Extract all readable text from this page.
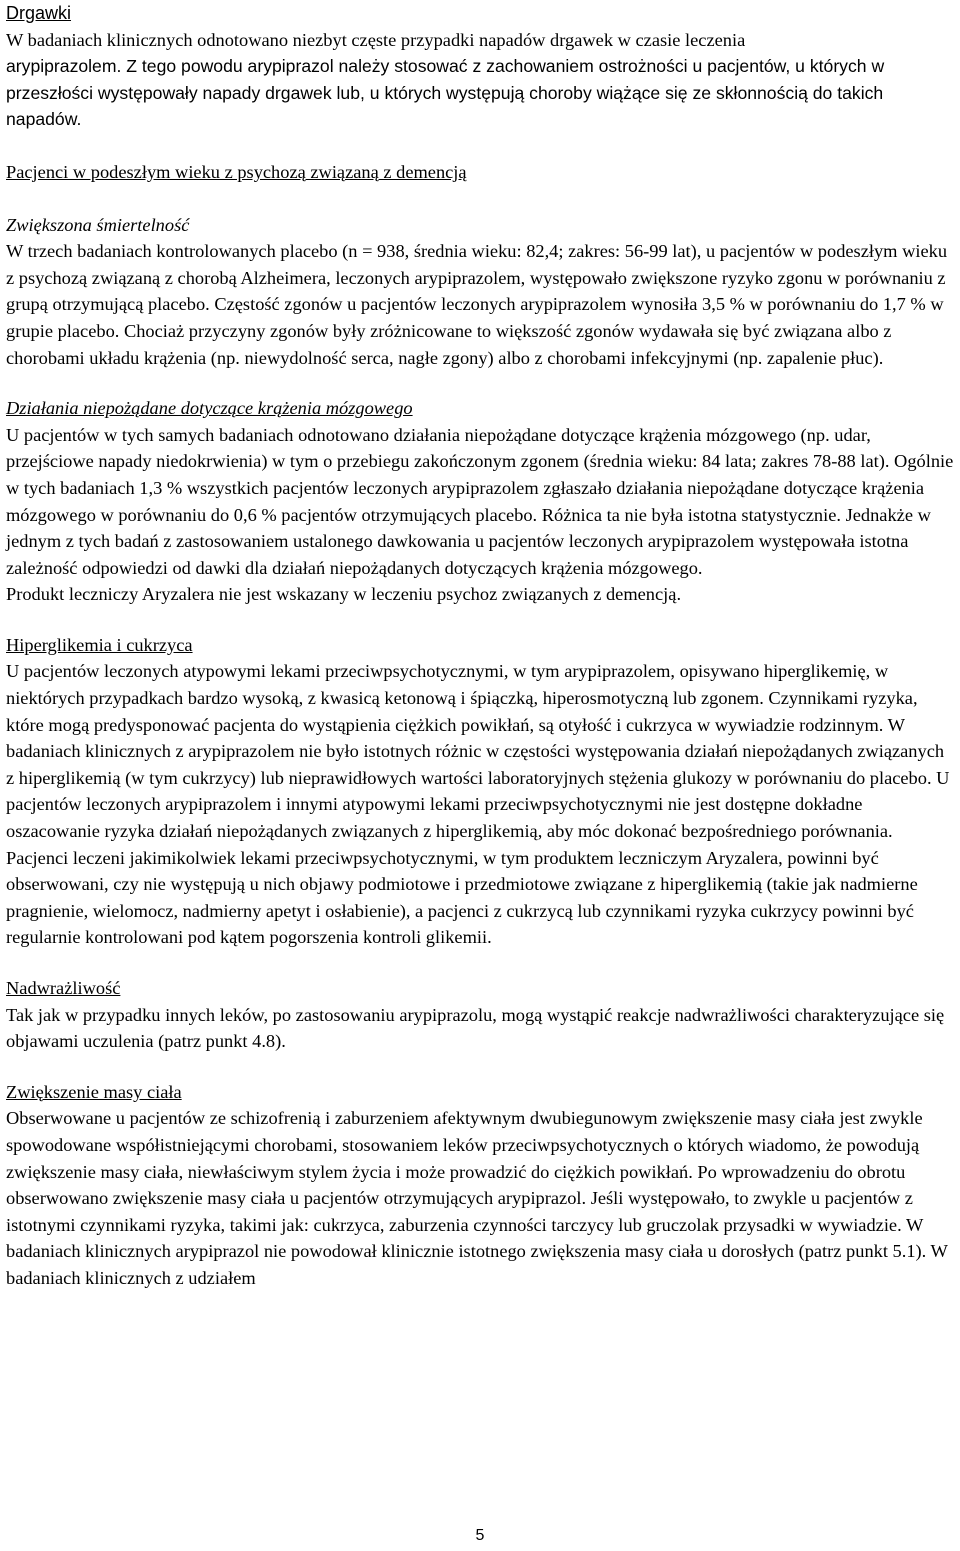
Drgawki

W badaniach klinicznych odnotowano niezbyt częste przypadki napadów drgawek w czasie leczenia

arypiprazolem. Z tego powodu arypiprazol należy stosować z zachowaniem ostrożności u pacjentów, u których w przeszłości występowały napady drgawek lub, u których występują choroby wiążące się ze skłonnością do takich napadów.

Pacjenci w podeszłym wieku z psychozą związaną z demencją

Zwiększona śmiertelność

W trzech badaniach kontrolowanych placebo (n = 938, średnia wieku: 82,4; zakres: 56-99 lat), u pacjentów w podeszłym wieku z psychozą związaną z chorobą Alzheimera, leczonych arypiprazolem, występowało zwiększone ryzyko zgonu w porównaniu z grupą otrzymującą placebo. Częstość zgonów u pacjentów leczonych arypiprazolem wynosiła 3,5 % w porównaniu do 1,7 % w grupie placebo. Chociaż przyczyny zgonów były zróżnicowane to większość zgonów wydawała się być związana albo z chorobami układu krążenia (np. niewydolność serca, nagłe zgony) albo z chorobami infekcyjnymi (np. zapalenie płuc).

Działania niepożądane dotyczące krążenia mózgowego

U pacjentów w tych samych badaniach odnotowano działania niepożądane dotyczące krążenia mózgowego (np. udar, przejściowe napady niedokrwienia) w tym o przebiegu zakończonym zgonem (średnia wieku: 84 lata; zakres 78-88 lat). Ogólnie w tych badaniach 1,3 % wszystkich pacjentów leczonych arypiprazolem zgłaszało działania niepożądane dotyczące krążenia mózgowego w porównaniu do 0,6 % pacjentów otrzymujących placebo. Różnica ta nie była istotna statystycznie. Jednakże w jednym z tych badań z zastosowaniem ustalonego dawkowania u pacjentów leczonych arypiprazolem występowała istotna zależność odpowiedzi od dawki dla działań niepożądanych dotyczących krążenia mózgowego.

Produkt leczniczy Aryzalera nie jest wskazany w leczeniu psychoz związanych z demencją.

Hiperglikemia i cukrzyca

U pacjentów leczonych atypowymi lekami przeciwpsychotycznymi, w tym arypiprazolem, opisywano hiperglikemię, w niektórych przypadkach bardzo wysoką, z kwasicą ketonową i śpiączką, hiperosmotyczną lub zgonem. Czynnikami ryzyka, które mogą predysponować pacjenta do wystąpienia ciężkich powikłań, są otyłość i cukrzyca w wywiadzie rodzinnym. W badaniach klinicznych z arypiprazolem nie było istotnych różnic w częstości występowania działań niepożądanych związanych z hiperglikemią (w tym cukrzycy) lub nieprawidłowych wartości laboratoryjnych stężenia glukozy w porównaniu do placebo. U pacjentów leczonych arypiprazolem i innymi atypowymi lekami przeciwpsychotycznymi nie jest dostępne dokładne oszacowanie ryzyka działań niepożądanych związanych z hiperglikemią, aby móc dokonać bezpośredniego porównania. Pacjenci leczeni jakimikolwiek lekami przeciwpsychotycznymi, w tym produktem leczniczym Aryzalera, powinni być obserwowani, czy nie występują u nich objawy podmiotowe i przedmiotowe związane z hiperglikemią (takie jak nadmierne pragnienie, wielomocz, nadmierny apetyt i osłabienie), a pacjenci z cukrzycą lub czynnikami ryzyka cukrzycy powinni być regularnie kontrolowani pod kątem pogorszenia kontroli glikemii.

Nadwrażliwość

Tak jak w przypadku innych leków, po zastosowaniu arypiprazolu, mogą wystąpić reakcje nadwrażliwości charakteryzujące się objawami uczulenia (patrz punkt 4.8).

Zwiększenie masy ciała

Obserwowane u pacjentów ze schizofrenią i zaburzeniem afektywnym dwubiegunowym zwiększenie masy ciała jest zwykle spowodowane współistniejącymi chorobami, stosowaniem leków przeciwpsychotycznych o których wiadomo, że powodują zwiększenie masy ciała, niewłaściwym stylem życia i może prowadzić do ciężkich powikłań. Po wprowadzeniu do obrotu obserwowano zwiększenie masy ciała u pacjentów otrzymujących arypiprazol. Jeśli występowało, to zwykle u pacjentów z istotnymi czynnikami ryzyka, takimi jak: cukrzyca, zaburzenia czynności tarczycy lub gruczolak przysadki w wywiadzie. W badaniach klinicznych arypiprazol nie powodował klinicznie istotnego zwiększenia masy ciała u dorosłych (patrz punkt 5.1). W badaniach klinicznych z udziałem

5
